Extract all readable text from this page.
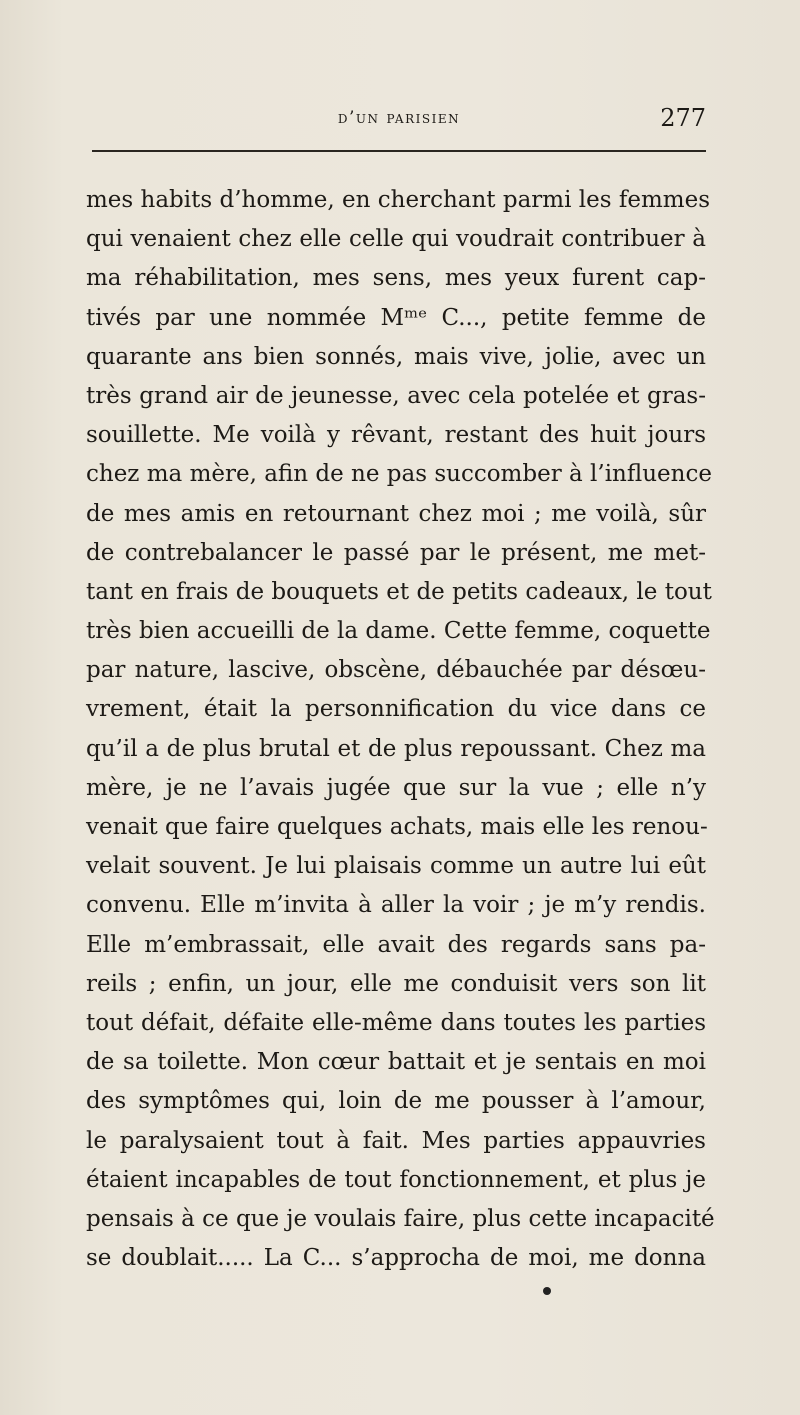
d’un parisien	277
mes habits d’homme, en cherchant parmi les femmes
qui venaient chez elle celle qui voudrait contribuer à
ma réhabilitation, mes sens, mes yeux furent cap-
tivés par une nommée Mᵐᵉ C..., petite femme de
quarante ans bien sonnés, mais vive, jolie, avec un
très grand air de jeunesse, avec cela potelée et gras-
souillette. Me voilà y rêvant, restant des huit jours
chez ma mère, afin de ne pas succomber à l’influence
de mes amis en retournant chez moi ; me voilà, sûr
de contrebalancer le passé par le présent, me met-
tant en frais de bouquets et de petits cadeaux, le tout
très bien accueilli de la dame. Cette femme, coquette
par nature, lascive, obscène, débauchée par désœu-
vrement, était la personnification du vice dans ce
qu’il a de plus brutal et de plus repoussant. Chez ma
mère, je ne l’avais jugée que sur la vue ; elle n’y
venait que faire quelques achats, mais elle les renou-
velait souvent. Je lui plaisais comme un autre lui eût
convenu. Elle m’invita à aller la voir ; je m’y rendis.
Elle m’embrassait, elle avait des regards sans pa-
reils ; enfin, un jour, elle me conduisit vers son lit
tout défait, défaite elle-même dans toutes les parties
de sa toilette. Mon cœur battait et je sentais en moi
des symptômes qui, loin de me pousser à l’amour,
le paralysaient tout à fait. Mes parties appauvries
étaient incapables de tout fonctionnement, et plus je
pensais à ce que je voulais faire, plus cette incapacité
se doublait..... La C... s’approcha de moi, me donna
